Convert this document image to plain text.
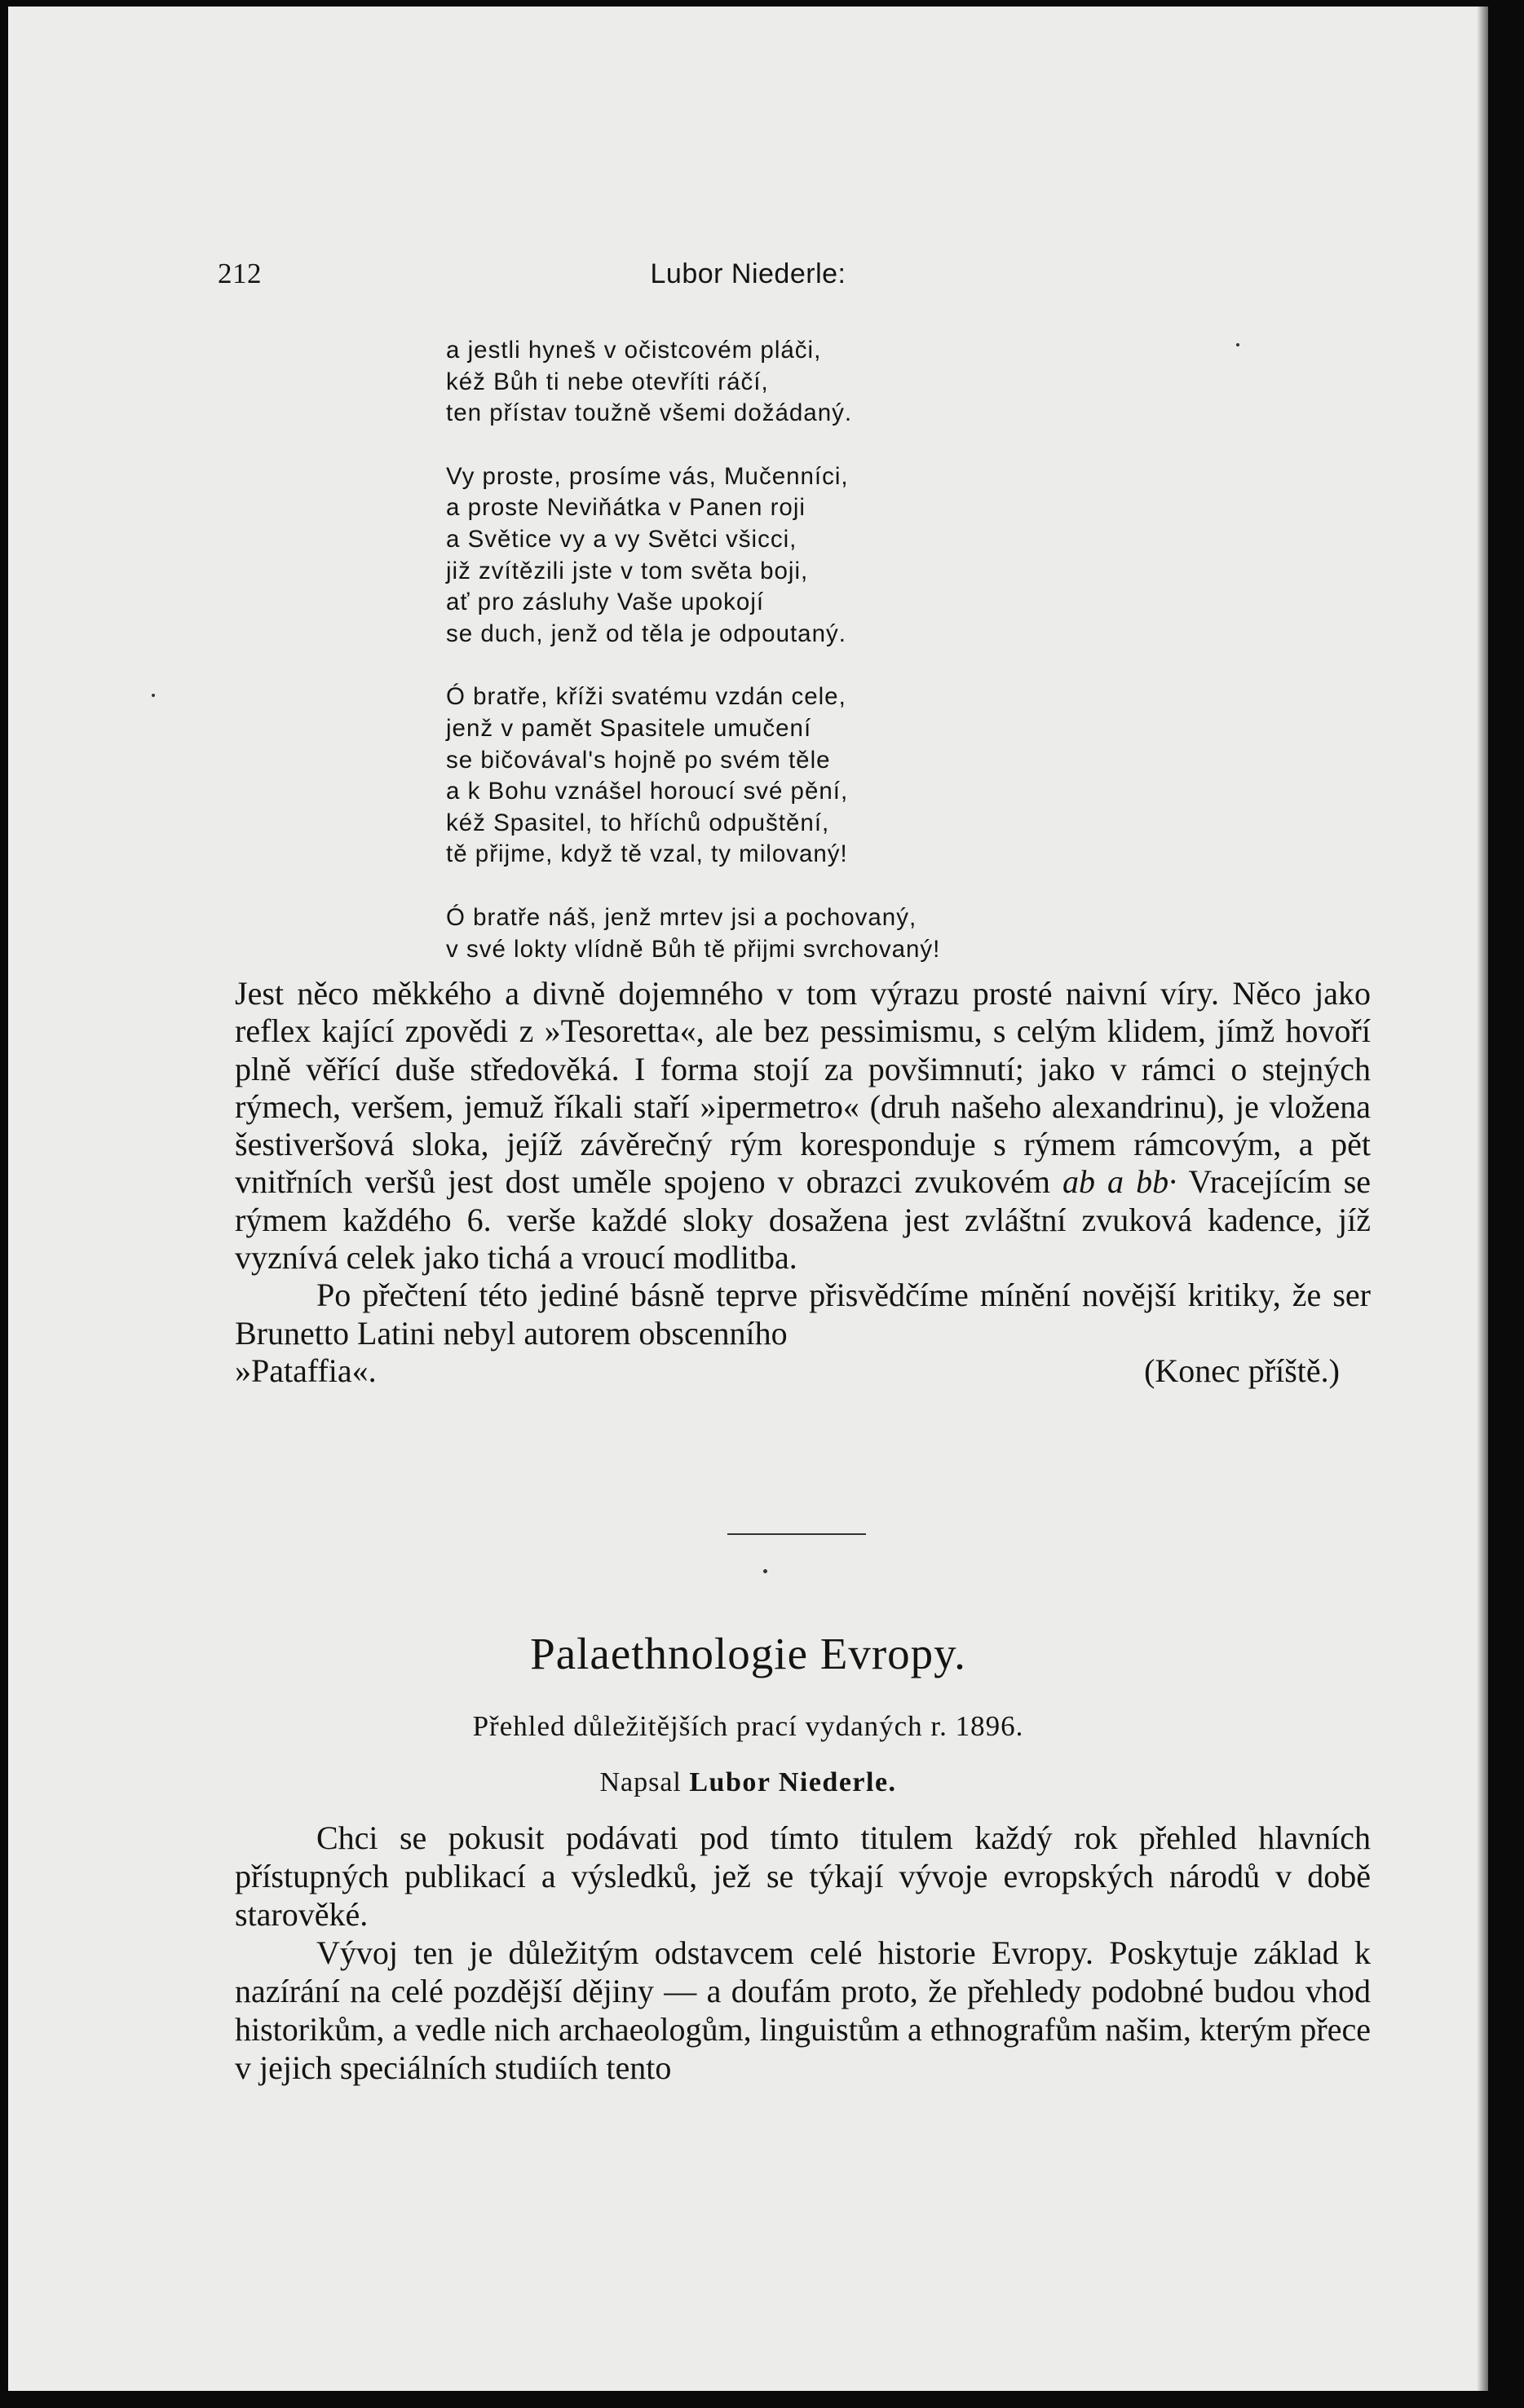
212	Lubor Niederle:
a jestli hyneš v očistcovém pláči,
kéž Bůh ti nebe otevříti ráčí,
ten přístav toužně všemi dožádaný.
Vy proste, prosíme vás, Mučenníci,
a proste Neviňátka v Panen roji
a Světice vy a vy Světci všicci,
již zvítězili jste v tom světa boji,
ať pro zásluhy Vaše upokojí
se duch, jenž od těla je odpoutaný.
Ó bratře, kříži svatému vzdán cele,
jenž v pamět Spasitele umučení
se bičovával's hojně po svém těle
a k Bohu vznášel horoucí své pění,
kéž Spasitel, to hříchů odpuštění,
tě přijme, když tě vzal, ty milovaný!
Ó bratře náš, jenž mrtev jsi a pochovaný,
v své lokty vlídně Bůh tě přijmi svrchovaný!

Jest něco měkkého a divně dojemného v tom výrazu prosté naivní víry. Něco jako reflex kající zpovědi z »Tesoretta«, ale bez pessimismu, s celým klidem, jímž hovoří plně věřící duše středověká. I forma stojí za povšimnutí; jako v rámci o stejných rýmech, veršem, jemuž říkali staří »ipermetro« (druh našeho alexandrinu), je vložena šestiveršová sloka, jejíž závěrečný rým koresponduje s rýmem rámcovým, a pět vnitřních veršů jest dost uměle spojeno v obrazci zvukovém ab a bb· Vracejícím se rýmem každého 6. verše každé sloky dosažena jest zvláštní zvuková kadence, jíž vyznívá celek jako tichá a vroucí modlitba.

Po přečtení této jediné básně teprve přisvědčíme mínění novější kritiky, že ser Brunetto Latini nebyl autorem obscenního

»Pataffia«.	(Konec příště.)
Palaethnologie Evropy.
Přehled důležitějších prací vydaných r. 1896.
Napsal Lubor Niederle.

Chci se pokusit podávati pod tímto titulem každý rok přehled hlavních přístupných publikací a výsledků, jež se týkají vývoje evropských národů v době starověké.

Vývoj ten je důležitým odstavcem celé historie Evropy. Poskytuje základ k nazírání na celé pozdější dějiny — a doufám proto, že přehledy podobné budou vhod historikům, a vedle nich archaeologům, linguistům a ethnografům našim, kterým přece v jejich speciálních studiích tento
